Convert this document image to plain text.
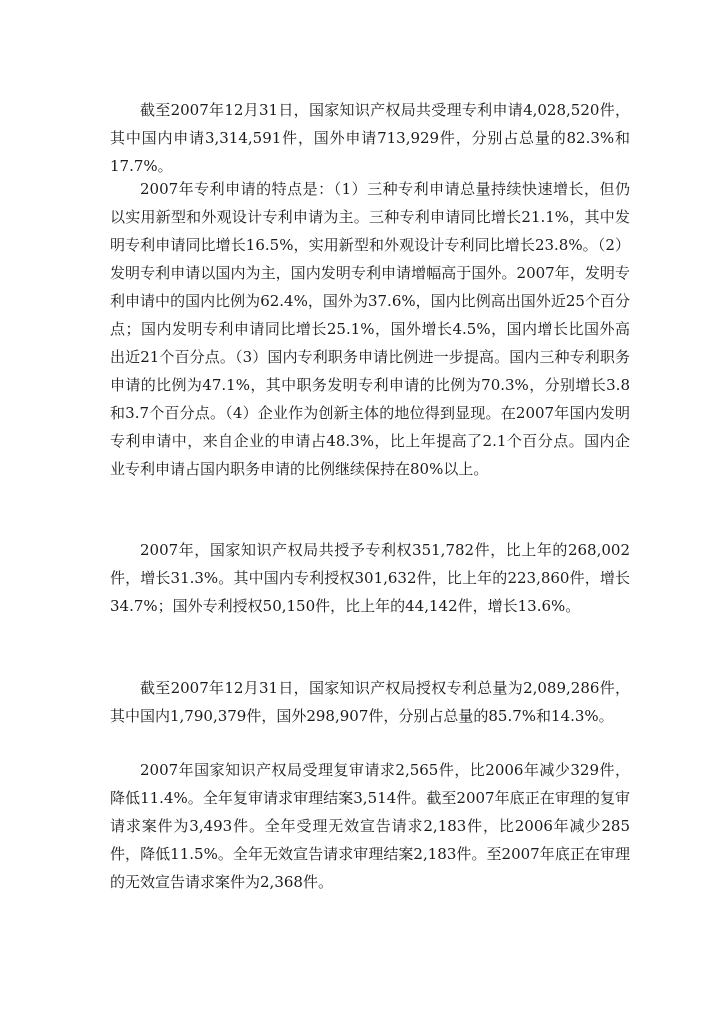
截至2007年12月31日，国家知识产权局共受理专利申请4,028,520件，其中国内申请3,314,591件，国外申请713,929件，分别占总量的82.3%和17.7%。

2007年专利申请的特点是：（1）三种专利申请总量持续快速增长，但仍以实用新型和外观设计专利申请为主。三种专利申请同比增长21.1%，其中发明专利申请同比增长16.5%，实用新型和外观设计专利同比增长23.8%。（2）发明专利申请以国内为主，国内发明专利申请增幅高于国外。2007年，发明专利申请中的国内比例为62.4%，国外为37.6%，国内比例高出国外近25个百分点；国内发明专利申请同比增长25.1%，国外增长4.5%，国内增长比国外高出近21个百分点。（3）国内专利职务申请比例进一步提高。国内三种专利职务申请的比例为47.1%，其中职务发明专利申请的比例为70.3%，分别增长3.8和3.7个百分点。（4）企业作为创新主体的地位得到显现。在2007年国内发明专利申请中，来自企业的申请占48.3%，比上年提高了2.1个百分点。国内企业专利申请占国内职务申请的比例继续保持在80%以上。

2007年，国家知识产权局共授予专利权351,782件，比上年的268,002件，增长31.3%。其中国内专利授权301,632件，比上年的223,860件，增长34.7%；国外专利授权50,150件，比上年的44,142件，增长13.6%。

截至2007年12月31日，国家知识产权局授权专利总量为2,089,286件，其中国内1,790,379件，国外298,907件，分别占总量的85.7%和14.3%。

2007年国家知识产权局受理复审请求2,565件，比2006年减少329件，降低11.4%。全年复审请求审理结案3,514件。截至2007年底正在审理的复审请求案件为3,493件。全年受理无效宣告请求2,183件，比2006年减少285件，降低11.5%。全年无效宣告请求审理结案2,183件。至2007年底正在审理的无效宣告请求案件为2,368件。
